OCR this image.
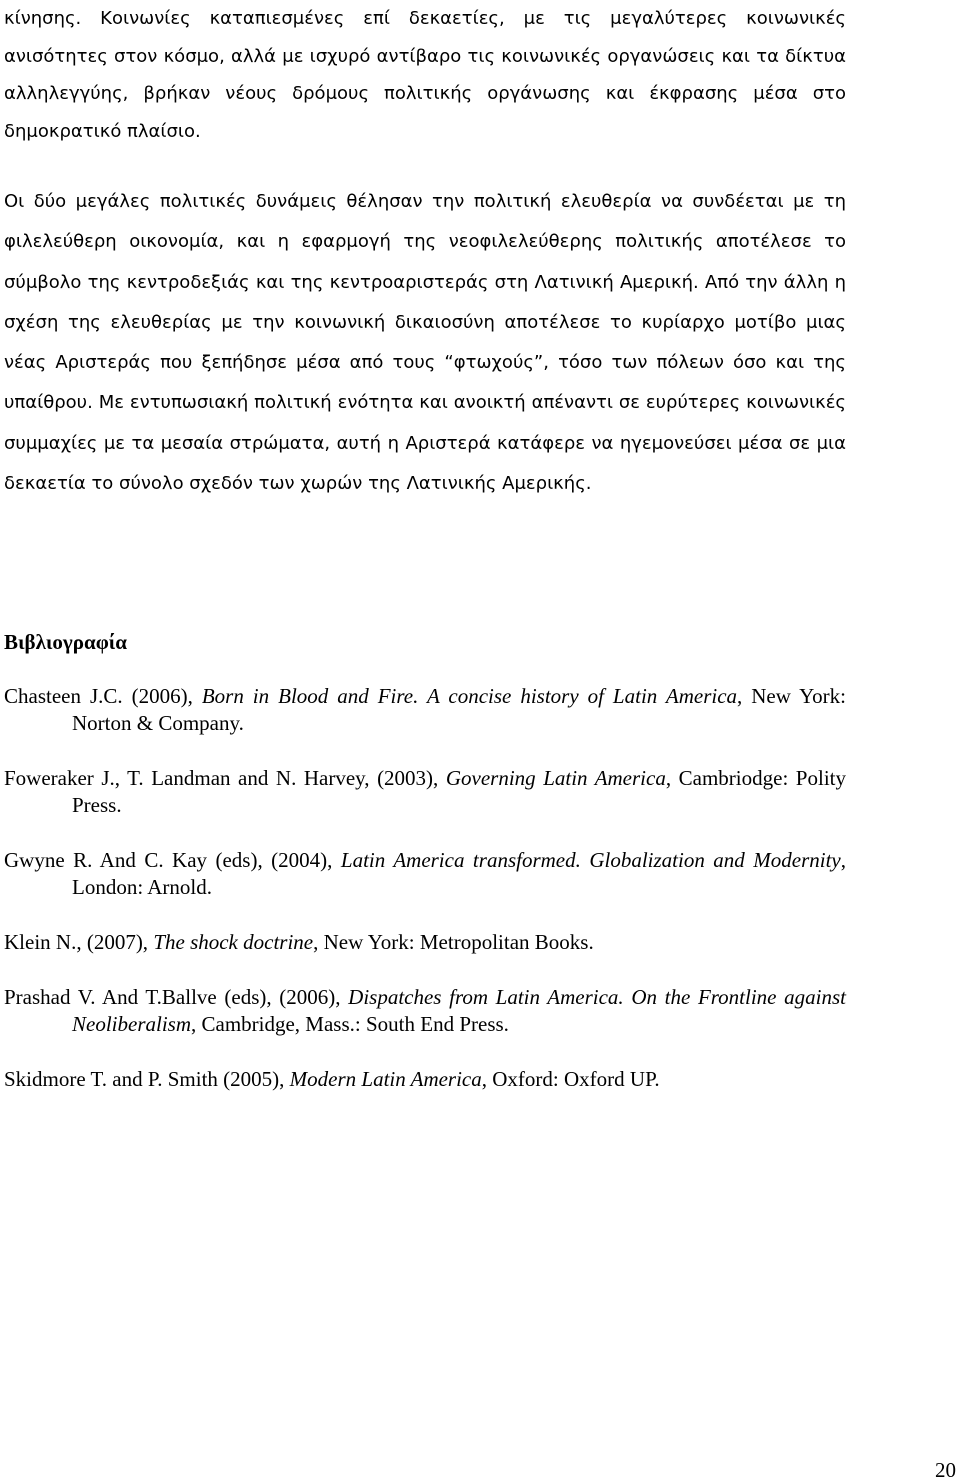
κίνησης. Κοινωνίες καταπιεσμένες επί δεκαετίες, με τις μεγαλύτερες κοινωνικές ανισότητες στον κόσμο, αλλά με ισχυρό αντίβαρο τις κοινωνικές οργανώσεις και τα δίκτυα αλληλεγγύης, βρήκαν νέους δρόμους πολιτικής οργάνωσης και έκφρασης μέσα στο δημοκρατικό πλαίσιο.

Οι δύο μεγάλες πολιτικές δυνάμεις θέλησαν την πολιτική ελευθερία να συνδέεται με τη φιλελεύθερη οικονομία, και η εφαρμογή της νεοφιλελεύθερης πολιτικής αποτέλεσε το σύμβολο της κεντροδεξιάς και της κεντροαριστεράς στη Λατινική Αμερική. Από την άλλη η σχέση της ελευθερίας με την κοινωνική δικαιοσύνη αποτέλεσε το κυρίαρχο μοτίβο μιας νέας Αριστεράς που ξεπήδησε μέσα από τους “φτωχούς”, τόσο των πόλεων όσο και της υπαίθρου. Με εντυπωσιακή πολιτική ενότητα και ανοικτή απέναντι σε ευρύτερες κοινωνικές συμμαχίες με τα μεσαία στρώματα, αυτή η Αριστερά κατάφερε να ηγεμονεύσει μέσα σε μια δεκαετία το σύνολο σχεδόν των χωρών της Λατινικής Αμερικής.

Βιβλιογραφία
Chasteen J.C. (2006), Born in Blood and Fire. A concise history of Latin America, New York: Norton & Company.
Foweraker J., T. Landman and N. Harvey, (2003), Governing Latin America, Cambriodge: Polity Press.
Gwyne R. And C. Kay (eds), (2004), Latin America transformed. Globalization and Modernity, London: Arnold.
Klein N., (2007), The shock doctrine, New York: Metropolitan Books.
Prashad V. And T.Ballve (eds), (2006), Dispatches from Latin America. On the Frontline against Neoliberalism, Cambridge, Mass.: South End Press.
Skidmore T. and P. Smith (2005), Modern Latin America, Oxford: Oxford UP.

20
